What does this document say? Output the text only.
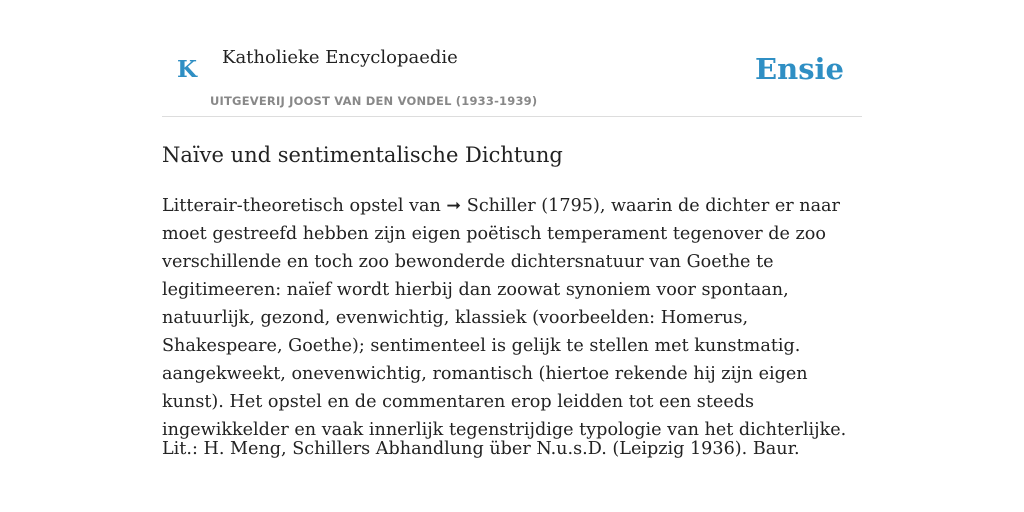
K Katholieke Encyclopaedie
UITGEVERIJ JOOST VAN DEN VONDEL (1933-1939)
Ensie
Naïve und sentimentalische Dichtung

Litterair-theoretisch opstel van ➞ Schiller (1795), waarin de dichter er naar moet gestreefd hebben zijn eigen poëtisch temperament tegenover de zoo verschillende en toch zoo bewonderde dichtersnatuur van Goethe te legitimeeren: naïef wordt hierbij dan zoowat synoniem voor spontaan, natuurlijk, gezond, evenwichtig, klassiek (voorbeelden: Homerus, Shakespeare, Goethe); sentimenteel is gelijk te stellen met kunstmatig. aangekweekt, onevenwichtig, romantisch (hiertoe rekende hij zijn eigen kunst). Het opstel en de commentaren erop leidden tot een steeds ingewikkelder en vaak innerlijk tegenstrijdige typologie van het dichterlijke.

Lit.: H. Meng, Schillers Abhandlung über N.u.s.D. (Leipzig 1936). Baur.
